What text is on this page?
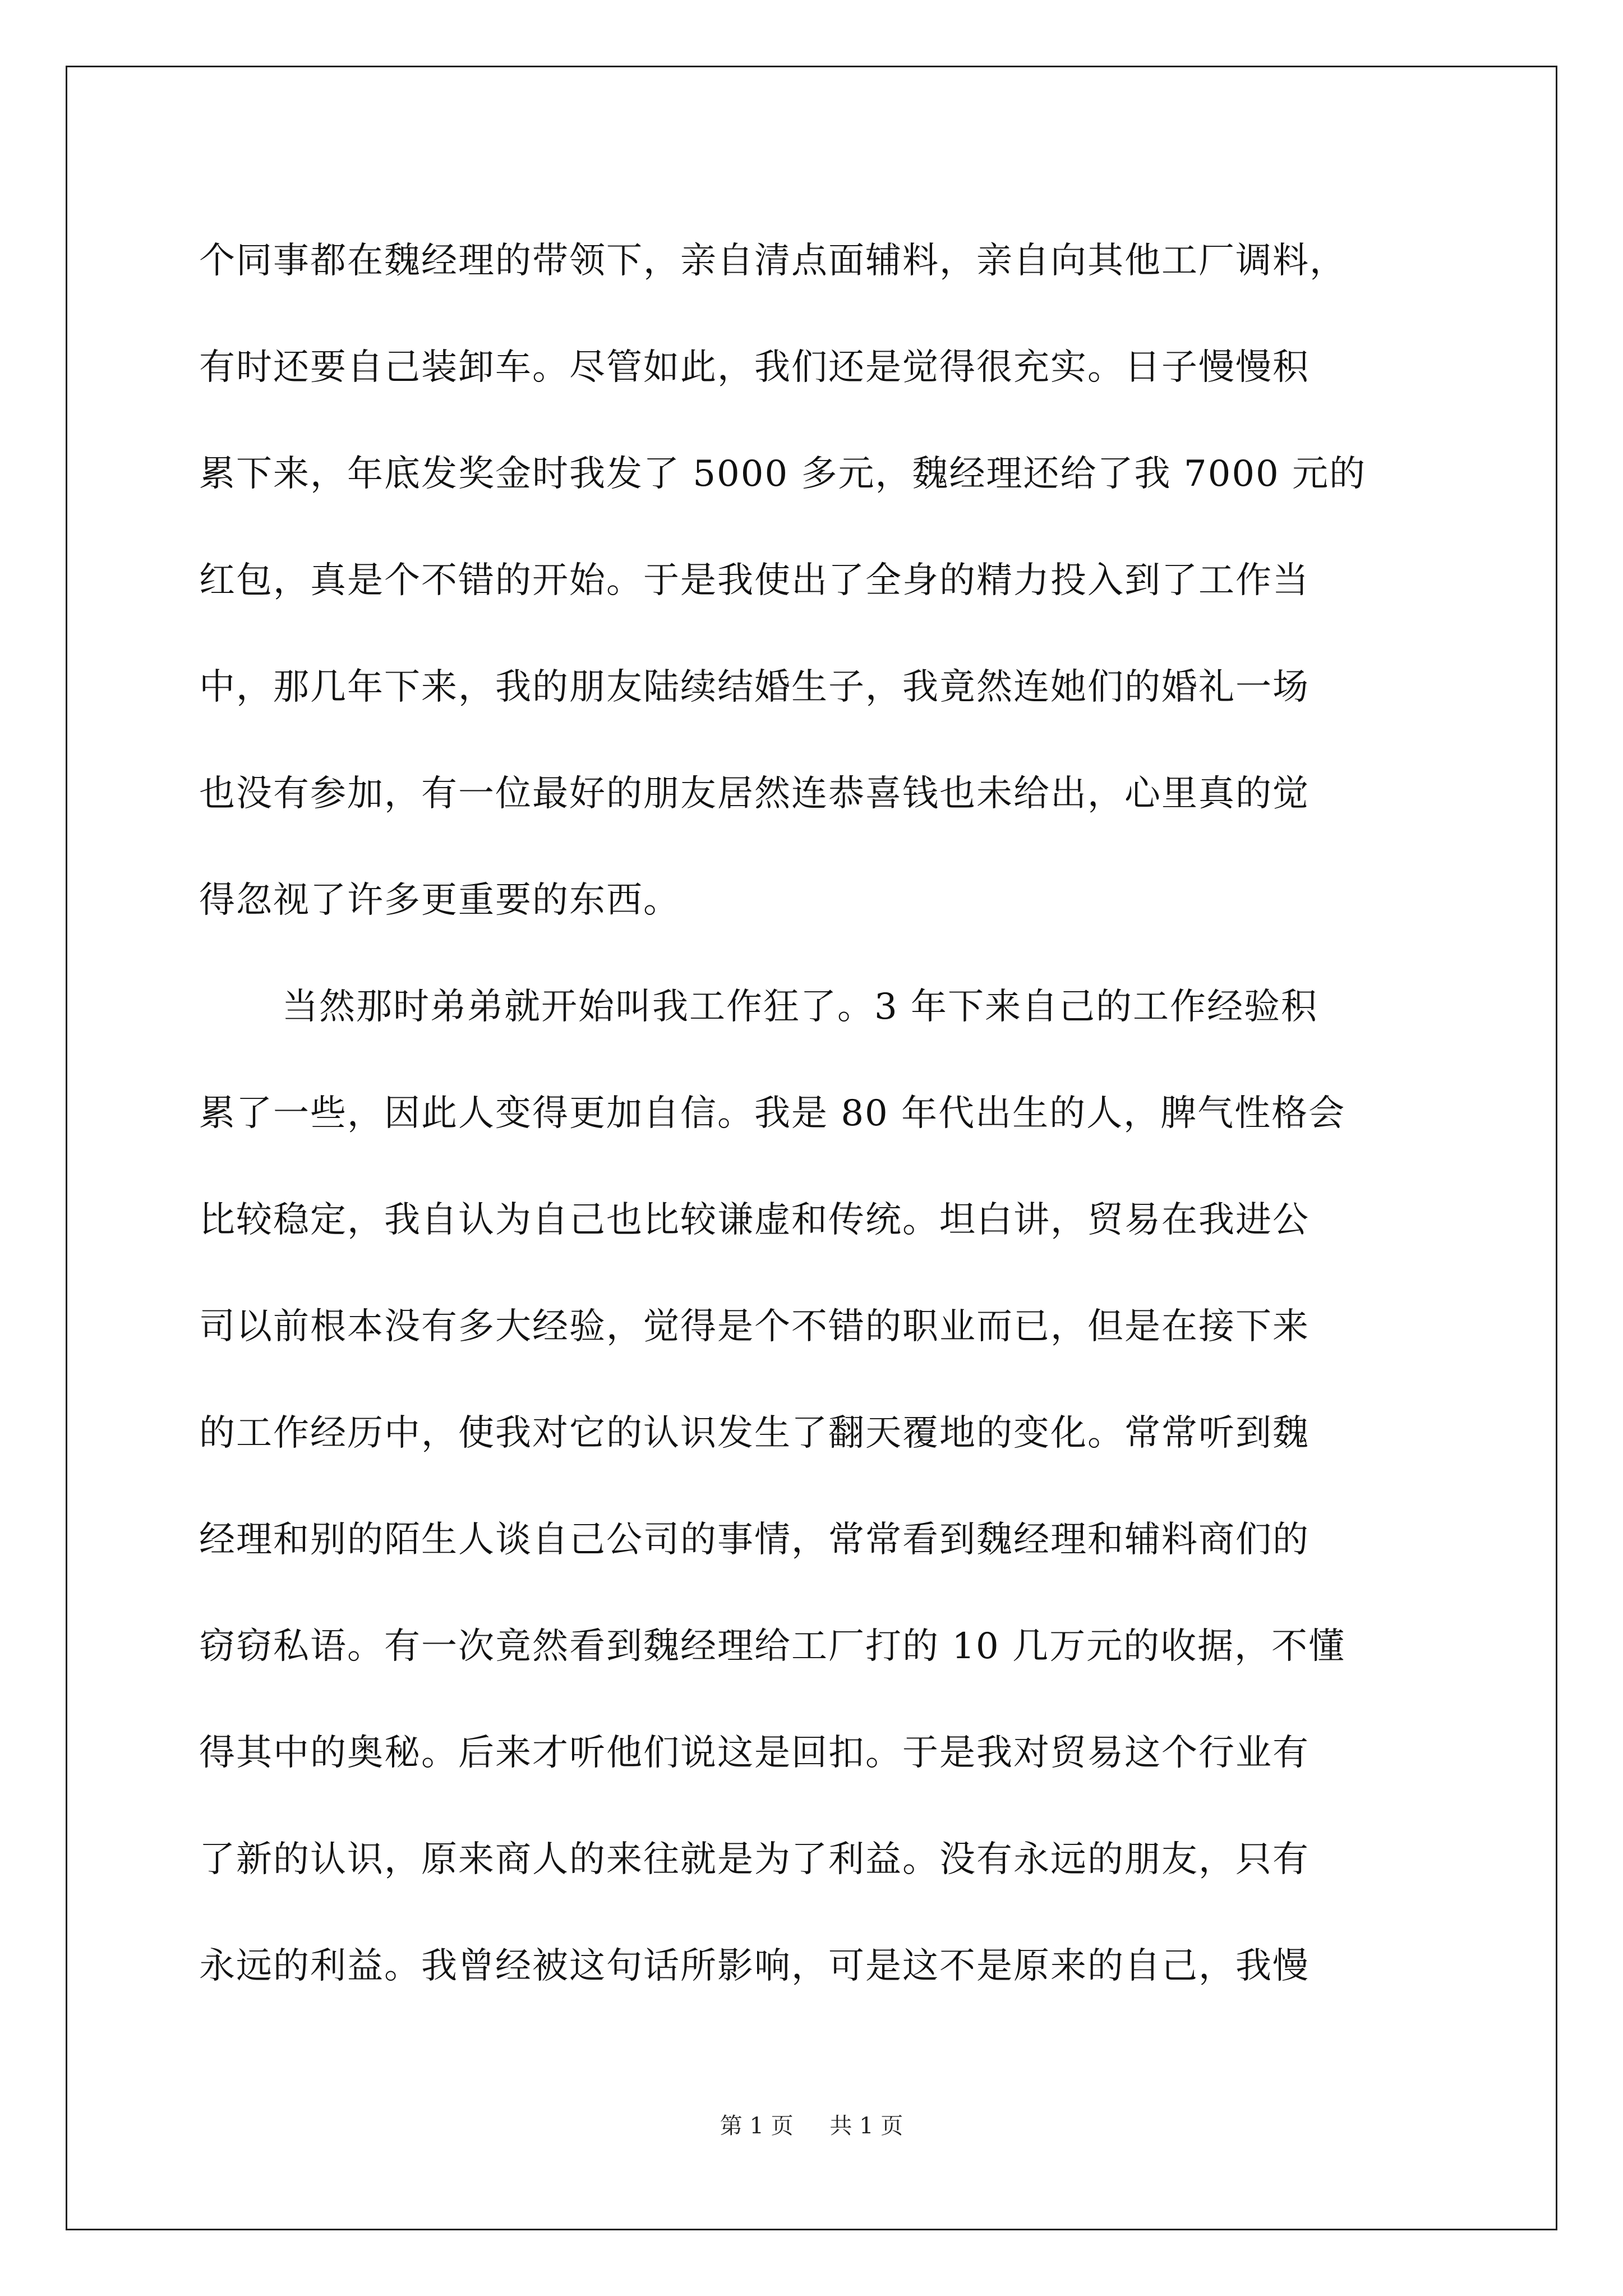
个同事都在魏经理的带领下，亲自清点面辅料，亲自向其他工厂调料，
有时还要自己装卸车。尽管如此，我们还是觉得很充实。日子慢慢积
累下来，年底发奖金时我发了 5000 多元，魏经理还给了我 7000 元的
红包，真是个不错的开始。于是我使出了全身的精力投入到了工作当
中，那几年下来，我的朋友陆续结婚生子，我竟然连她们的婚礼一场
也没有参加，有一位最好的朋友居然连恭喜钱也未给出，心里真的觉
得忽视了许多更重要的东西。
当然那时弟弟就开始叫我工作狂了。3 年下来自己的工作经验积
累了一些，因此人变得更加自信。我是 80 年代出生的人，脾气性格会
比较稳定，我自认为自己也比较谦虚和传统。坦白讲，贸易在我进公
司以前根本没有多大经验，觉得是个不错的职业而已，但是在接下来
的工作经历中，使我对它的认识发生了翻天覆地的变化。常常听到魏
经理和别的陌生人谈自己公司的事情，常常看到魏经理和辅料商们的
窃窃私语。有一次竟然看到魏经理给工厂打的 10 几万元的收据，不懂
得其中的奥秘。后来才听他们说这是回扣。于是我对贸易这个行业有
了新的认识，原来商人的来往就是为了利益。没有永远的朋友，只有
永远的利益。我曾经被这句话所影响，可是这不是原来的自己，我慢
第 1 页 共 1 页
